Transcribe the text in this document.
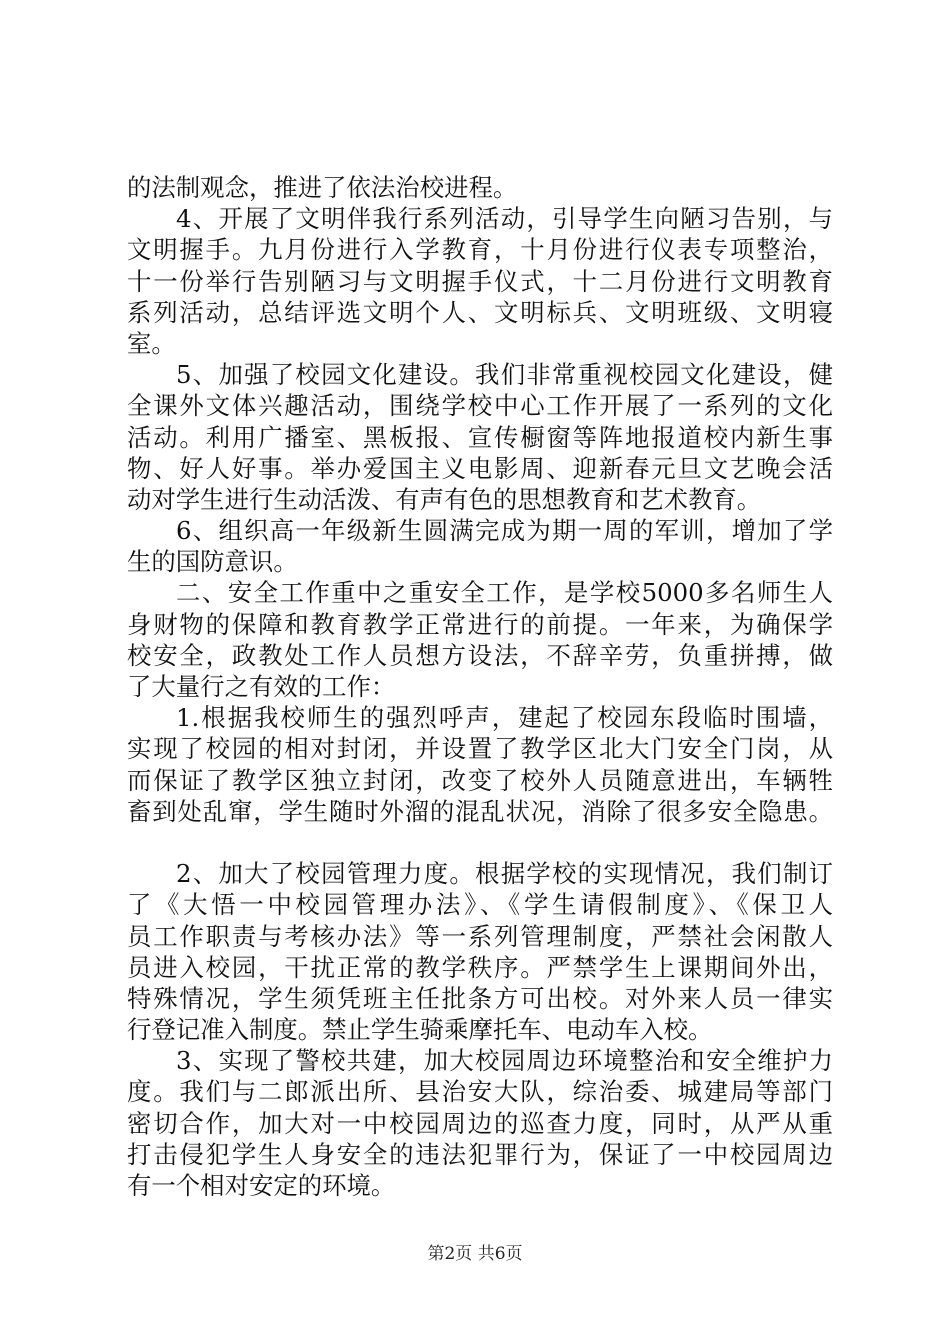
的法制观念，推进了依法治校进程。
4、开展了文明伴我行系列活动，引导学生向陋习告别，与
文明握手。九月份进行入学教育，十月份进行仪表专项整治，
十一份举行告别陋习与文明握手仪式，十二月份进行文明教育
系列活动，总结评选文明个人、文明标兵、文明班级、文明寝
室。
5、加强了校园文化建设。我们非常重视校园文化建设，健
全课外文体兴趣活动，围绕学校中心工作开展了一系列的文化
活动。利用广播室、黑板报、宣传橱窗等阵地报道校内新生事
物、好人好事。举办爱国主义电影周、迎新春元旦文艺晚会活
动对学生进行生动活泼、有声有色的思想教育和艺术教育。
6、组织高一年级新生圆满完成为期一周的军训，增加了学
生的国防意识。
二、安全工作重中之重安全工作，是学校5000多名师生人
身财物的保障和教育教学正常进行的前提。一年来，为确保学
校安全，政教处工作人员想方设法，不辞辛劳，负重拼搏，做
了大量行之有效的工作：
1.根据我校师生的强烈呼声，建起了校园东段临时围墙，
实现了校园的相对封闭，并设置了教学区北大门安全门岗，从
而保证了教学区独立封闭，改变了校外人员随意进出，车辆牲
畜到处乱窜，学生随时外溜的混乱状况，消除了很多安全隐患。
2、加大了校园管理力度。根据学校的实现情况，我们制订
了《大悟一中校园管理办法》、《学生请假制度》、《保卫人
员工作职责与考核办法》等一系列管理制度，严禁社会闲散人
员进入校园，干扰正常的教学秩序。严禁学生上课期间外出，
特殊情况，学生须凭班主任批条方可出校。对外来人员一律实
行登记准入制度。禁止学生骑乘摩托车、电动车入校。
3、实现了警校共建，加大校园周边环境整治和安全维护力
度。我们与二郎派出所、县治安大队，综治委、城建局等部门
密切合作，加大对一中校园周边的巡查力度，同时，从严从重
打击侵犯学生人身安全的违法犯罪行为，保证了一中校园周边
有一个相对安定的环境。
第2页 共6页
